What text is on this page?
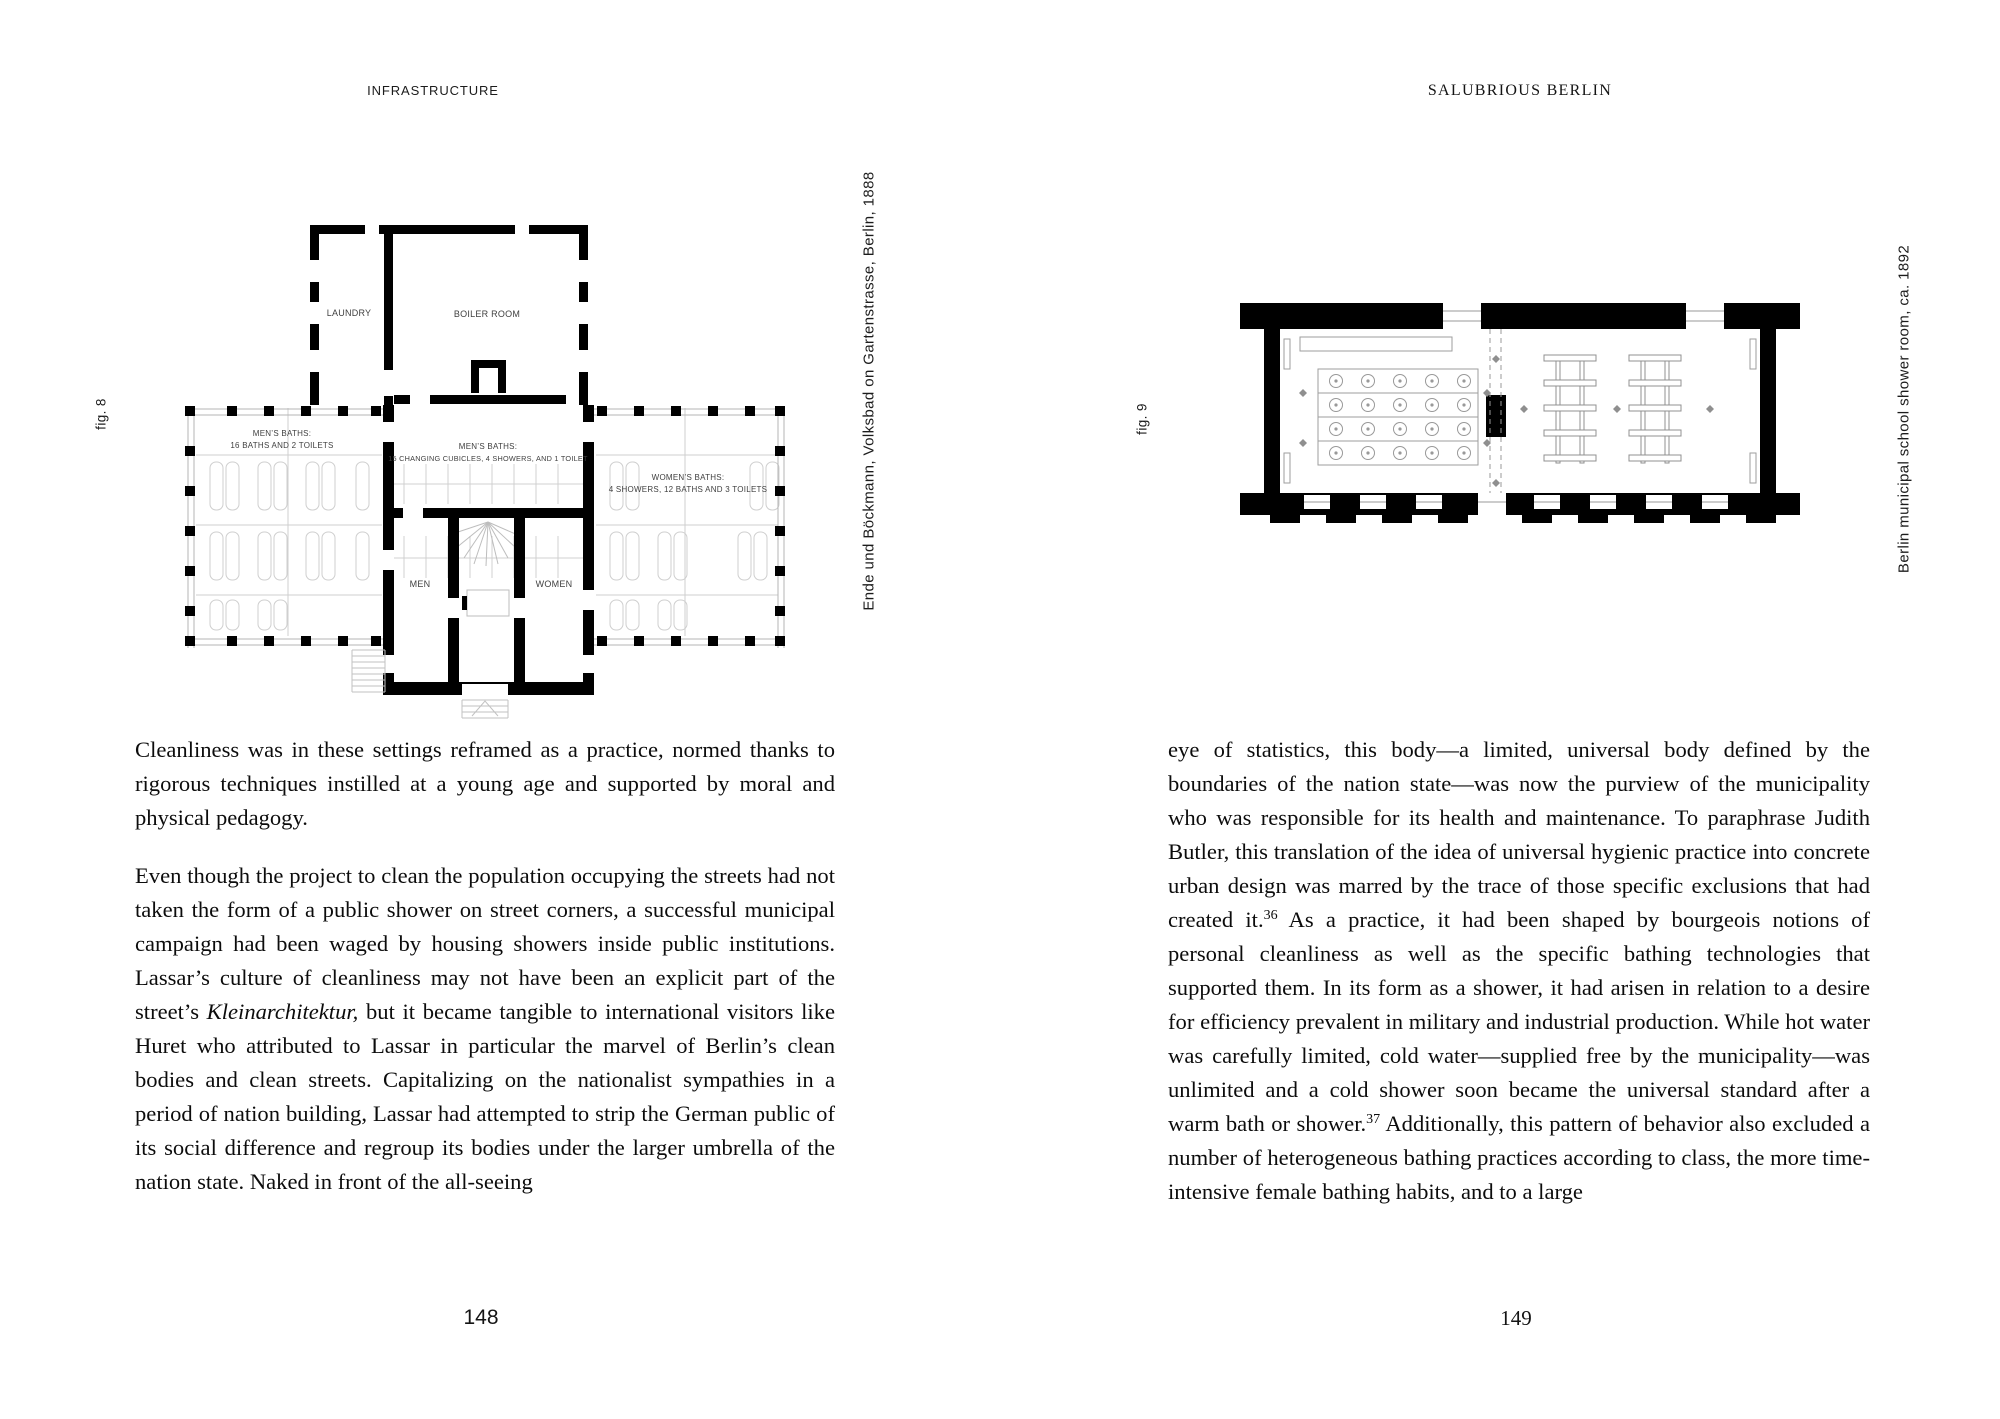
INFRASTRUCTURE
fig. 8	Ende und Böckmann, Volksbad on Gartenstrasse, Berlin, 1888
LAUNDRY	BOILER ROOM
MEN’S BATHS:
16 BATHS AND 2 TOILETS	MEN’S BATHS:
15 CHANGING CUBICLES, 4 SHOWERS, AND 1 TOILET
WOMEN’S BATHS:
4 SHOWERS, 12 BATHS AND 3 TOILETS
MEN	WOMEN

Cleanliness was in these settings reframed as a practice, normed thanks to rigorous techniques instilled at a young age and supported by moral and physical pedagogy.

Even though the project to clean the population occupying the streets had not taken the form of a public shower on street corners, a successful municipal campaign had been waged by housing showers inside public institutions. Lassar’s culture of cleanliness may not have been an explicit part of the street’s Kleinarchitektur, but it became tangible to international visitors like Huret who attributed to Lassar in particular the marvel of Berlin’s clean bodies and clean streets. Capitalizing on the nationalist sympathies in a period of nation building, Lassar had attempted to strip the German public of its social difference and regroup its bodies under the larger umbrella of the nation state. Naked in front of the all-seeing

148
SALUBRIOUS BERLIN
fig. 9	Berlin municipal school shower room, ca. 1892

eye of statistics, this body—a limited, universal body defined by the boundaries of the nation state—was now the purview of the municipality who was responsible for its health and maintenance. To paraphrase Judith Butler, this translation of the idea of universal hygienic practice into concrete urban design was marred by the trace of those specific exclusions that had created it.$^{36}$ As a practice, it had been shaped by bourgeois notions of personal cleanliness as well as the specific bathing technologies that supported them. In its form as a shower, it had arisen in relation to a desire for efficiency prevalent in military and industrial production. While hot water was carefully limited, cold water—supplied free by the municipality—was unlimited and a cold shower soon became the universal standard after a warm bath or shower.$^{37}$ Additionally, this pattern of behavior also excluded a number of heterogeneous bathing practices according to class, the more time-intensive female bathing habits, and to a large

149
